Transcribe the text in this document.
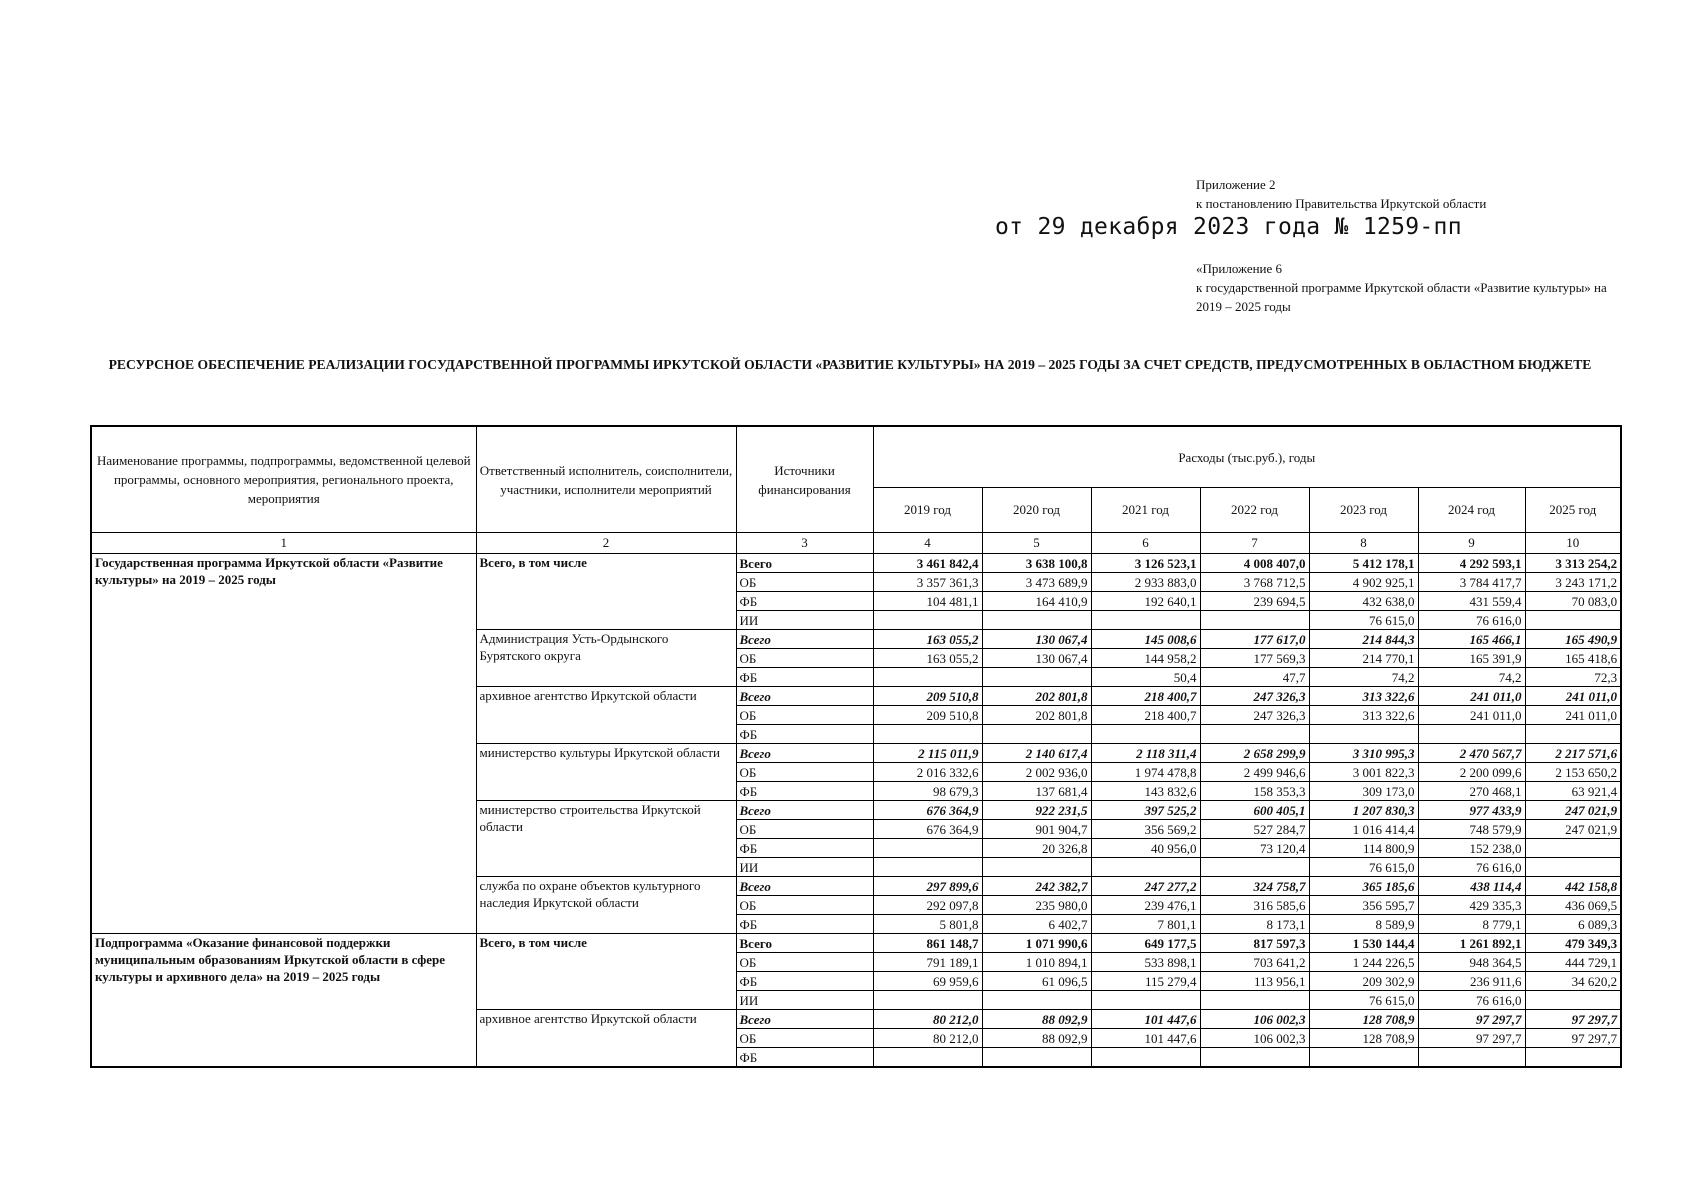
Приложение 2
к постановлению Правительства Иркутской области
от 29 декабря 2023 года № 1259-пп
«Приложение 6
к государственной программе Иркутской области «Развитие культуры» на 2019 – 2025 годы
РЕСУРСНОЕ ОБЕСПЕЧЕНИЕ РЕАЛИЗАЦИИ ГОСУДАРСТВЕННОЙ ПРОГРАММЫ ИРКУТСКОЙ ОБЛАСТИ «РАЗВИТИЕ КУЛЬТУРЫ» НА 2019 – 2025 ГОДЫ ЗА СЧЕТ СРЕДСТВ, ПРЕДУСМОТРЕННЫХ В ОБЛАСТНОМ БЮДЖЕТЕ
Наименование программы, подпрограммы, ведомственной целевой программы, основного мероприятия, регионального проекта, мероприятия	Ответственный исполнитель, соисполнители, участники, исполнители мероприятий	Источники финансирования	Расходы (тыс.руб.), годы						
			2019 год	2020 год	2021 год	2022 год	2023 год	2024 год	2025 год
1	2	3	4	5	6	7	8	9	10
Государственная программа Иркутской области «Развитие культуры» на 2019 – 2025 годы	Всего, в том числе	Всего	3 461 842,4	3 638 100,8	3 126 523,1	4 008 407,0	5 412 178,1	4 292 593,1	3 313 254,2
		ОБ	3 357 361,3	3 473 689,9	2 933 883,0	3 768 712,5	4 902 925,1	3 784 417,7	3 243 171,2
		ФБ	104 481,1	164 410,9	192 640,1	239 694,5	432 638,0	431 559,4	70 083,0
		ИИ					76 615,0	76 616,0	
	Администрация Усть-Ордынского Бурятского округа	Всего	163 055,2	130 067,4	145 008,6	177 617,0	214 844,3	165 466,1	165 490,9
		ОБ	163 055,2	130 067,4	144 958,2	177 569,3	214 770,1	165 391,9	165 418,6
		ФБ			50,4	47,7	74,2	74,2	72,3
	архивное агентство Иркутской области	Всего	209 510,8	202 801,8	218 400,7	247 326,3	313 322,6	241 011,0	241 011,0
		ОБ	209 510,8	202 801,8	218 400,7	247 326,3	313 322,6	241 011,0	241 011,0
		ФБ							
	министерство культуры Иркутской области	Всего	2 115 011,9	2 140 617,4	2 118 311,4	2 658 299,9	3 310 995,3	2 470 567,7	2 217 571,6
		ОБ	2 016 332,6	2 002 936,0	1 974 478,8	2 499 946,6	3 001 822,3	2 200 099,6	2 153 650,2
		ФБ	98 679,3	137 681,4	143 832,6	158 353,3	309 173,0	270 468,1	63 921,4
	министерство строительства Иркутской области	Всего	676 364,9	922 231,5	397 525,2	600 405,1	1 207 830,3	977 433,9	247 021,9
		ОБ	676 364,9	901 904,7	356 569,2	527 284,7	1 016 414,4	748 579,9	247 021,9
		ФБ		20 326,8	40 956,0	73 120,4	114 800,9	152 238,0	
		ИИ					76 615,0	76 616,0	
	служба по охране объектов культурного наследия Иркутской области	Всего	297 899,6	242 382,7	247 277,2	324 758,7	365 185,6	438 114,4	442 158,8
		ОБ	292 097,8	235 980,0	239 476,1	316 585,6	356 595,7	429 335,3	436 069,5
		ФБ	5 801,8	6 402,7	7 801,1	8 173,1	8 589,9	8 779,1	6 089,3
Подпрограмма «Оказание финансовой поддержки муниципальным образованиям Иркутской области в сфере культуры и архивного дела» на 2019 – 2025 годы	Всего, в том числе	Всего	861 148,7	1 071 990,6	649 177,5	817 597,3	1 530 144,4	1 261 892,1	479 349,3
		ОБ	791 189,1	1 010 894,1	533 898,1	703 641,2	1 244 226,5	948 364,5	444 729,1
		ФБ	69 959,6	61 096,5	115 279,4	113 956,1	209 302,9	236 911,6	34 620,2
		ИИ					76 615,0	76 616,0	
	архивное агентство Иркутской области	Всего	80 212,0	88 092,9	101 447,6	106 002,3	128 708,9	97 297,7	97 297,7
		ОБ	80 212,0	88 092,9	101 447,6	106 002,3	128 708,9	97 297,7	97 297,7
		ФБ							
